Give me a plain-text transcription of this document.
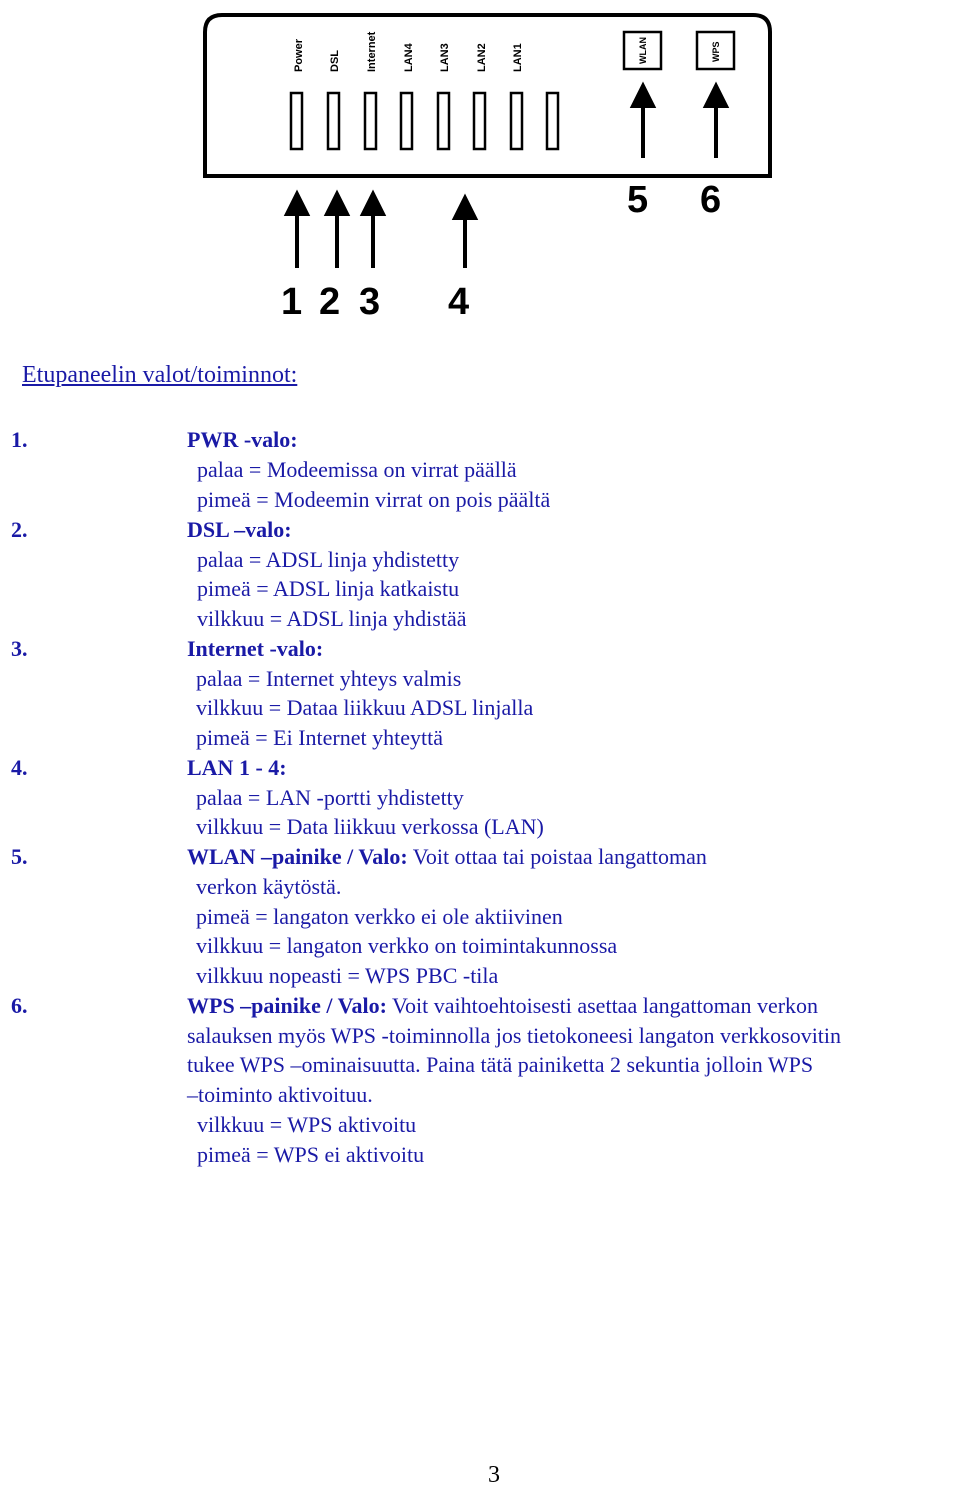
Power DSL Internet LAN4 LAN3 LAN2 LAN1	WLAN	WPS
1 2 3 4
5 6
Etupaneelin valot/toiminnot:
1.	PWR -valo:
palaa = Modeemissa on virrat päällä
pimeä = Modeemin virrat on pois päältä
2.	DSL –valo:
palaa = ADSL linja yhdistetty
pimeä = ADSL linja katkaistu
vilkkuu = ADSL linja yhdistää
3.	Internet -valo:
palaa = Internet yhteys valmis
vilkkuu = Dataa liikkuu ADSL linjalla
pimeä = Ei Internet yhteyttä
4.	LAN 1 - 4:
palaa = LAN -portti yhdistetty
vilkkuu = Data liikkuu verkossa (LAN)
5.	WLAN –painike / Valo: Voit ottaa tai poistaa langattoman
verkon käytöstä.
pimeä = langaton verkko ei ole aktiivinen
vilkkuu = langaton verkko on toimintakunnossa
vilkkuu nopeasti = WPS PBC -tila
6.	WPS –painike / Valo: Voit vaihtoehtoisesti asettaa langattoman verkon
salauksen myös WPS -toiminnolla jos tietokoneesi langaton verkkosovitin
tukee WPS –ominaisuutta. Paina tätä painiketta 2 sekuntia jolloin WPS
–toiminto aktivoituu.
vilkkuu = WPS aktivoitu
pimeä = WPS ei aktivoitu
3
